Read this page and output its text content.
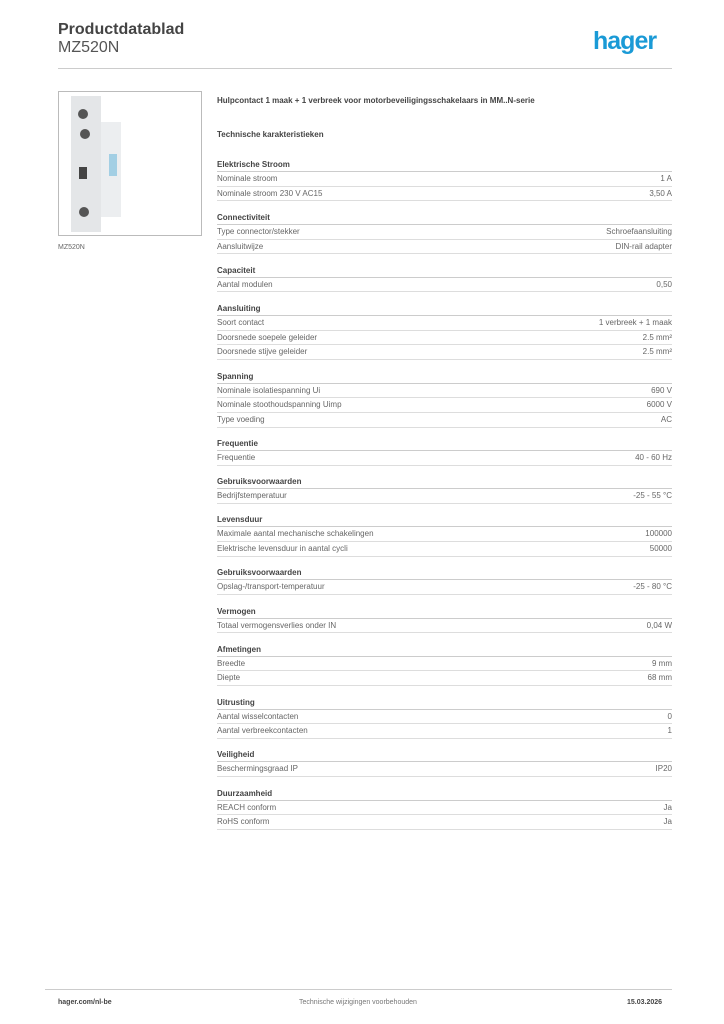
Productdatablad
MZ520N	hager
MZ520N
Hulpcontact 1 maak + 1 verbreek voor motorbeveiligingsschakelaars in MM..N-serie
Technische karakteristieken
Elektrische Stroom
Nominale stroom	1 A
Nominale stroom 230 V AC15	3,50 A
Connectiviteit
Type connector/stekker	Schroefaansluiting
Aansluitwijze	DIN-rail adapter
Capaciteit
Aantal modulen	0,50
Aansluiting
Soort contact	1 verbreek + 1 maak
Doorsnede soepele geleider	2.5 mm²
Doorsnede stijve geleider	2.5 mm²
Spanning
Nominale isolatiespanning Ui	690 V
Nominale stoothoudspanning Uimp	6000 V
Type voeding	AC
Frequentie
Frequentie	40 - 60 Hz
Gebruiksvoorwaarden
Bedrijfstemperatuur	-25 - 55 °C
Levensduur
Maximale aantal mechanische schakelingen	100000
Elektrische levensduur in aantal cycli	50000
Gebruiksvoorwaarden
Opslag-/transport-temperatuur	-25 - 80 °C
Vermogen
Totaal vermogensverlies onder IN	0,04 W
Afmetingen
Breedte	9 mm
Diepte	68 mm
Uitrusting
Aantal wisselcontacten	0
Aantal verbreekcontacten	1
Veiligheid
Beschermingsgraad IP	IP20
Duurzaamheid
REACH conform	Ja
RoHS conform	Ja
hager.com/nl-be	Technische wijzigingen voorbehouden	15.03.2026
